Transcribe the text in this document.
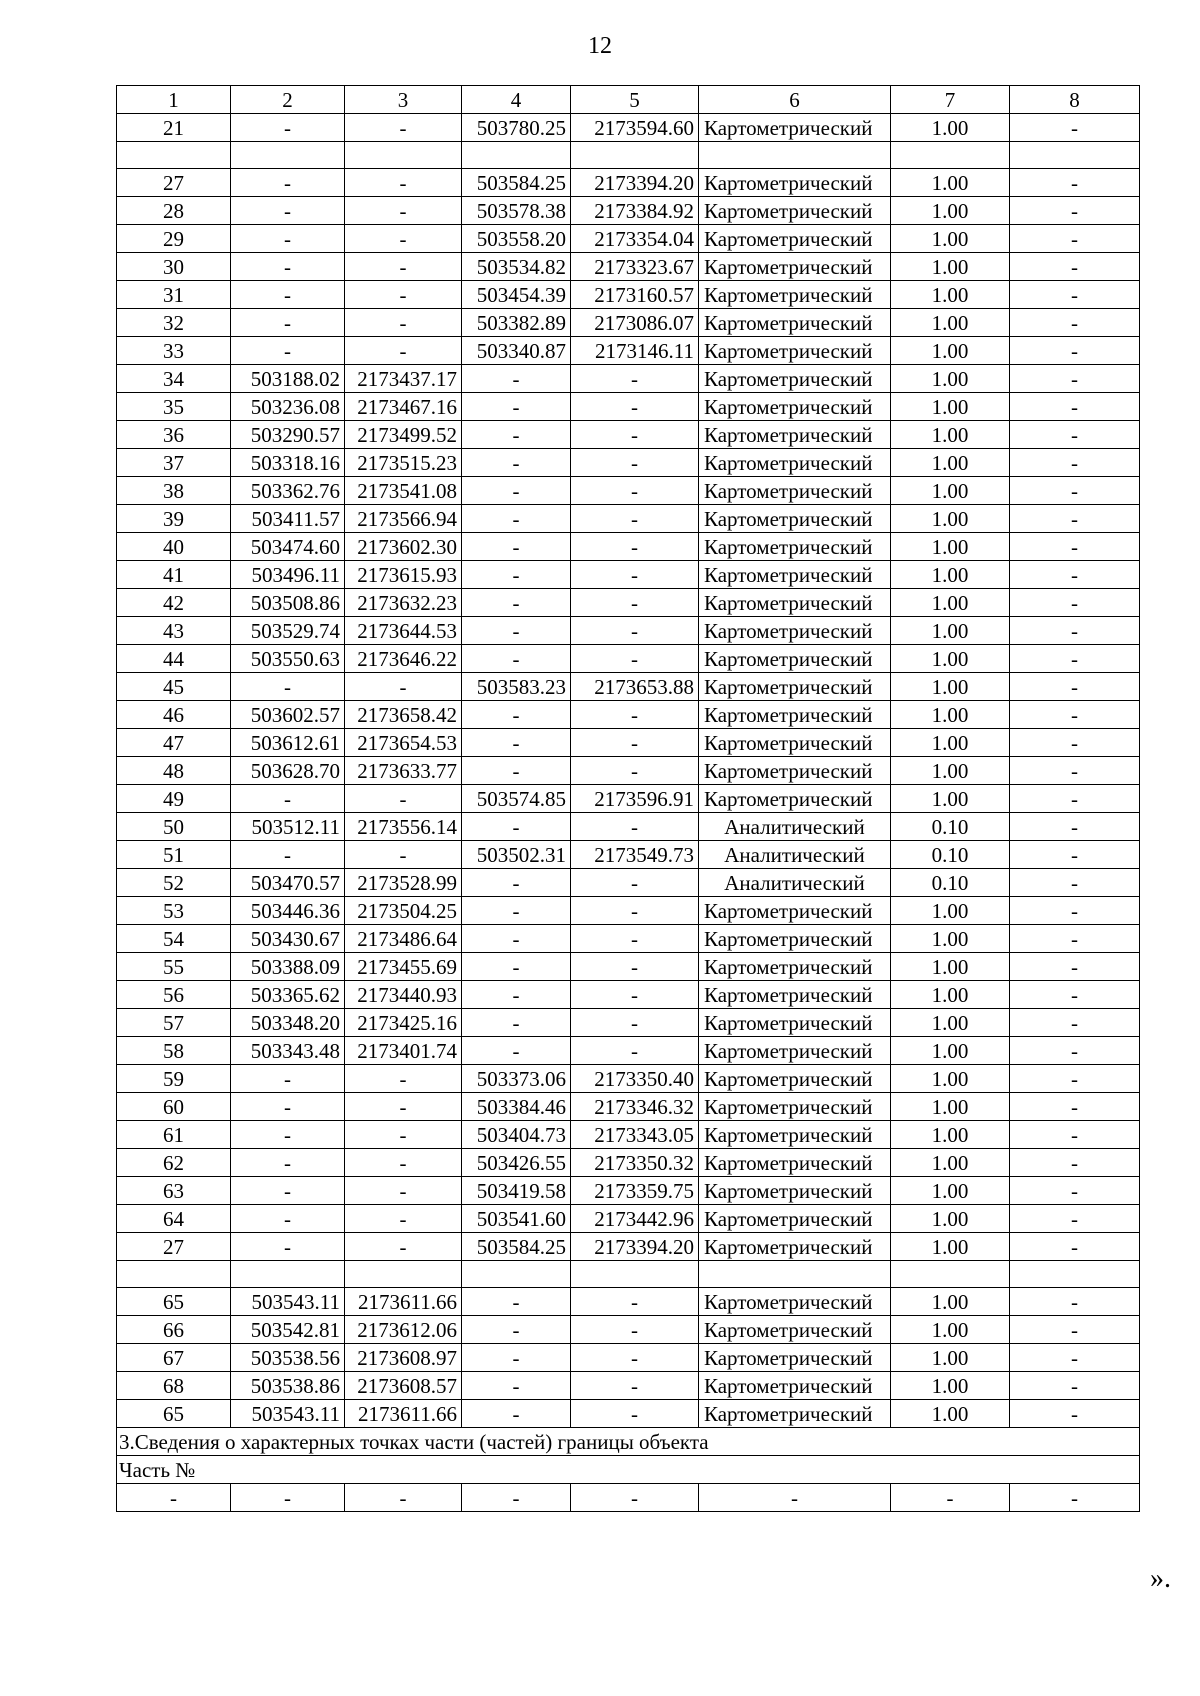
12
1	2	3	4	5	6	7	8
21	-	-	503780.25	2173594.60	Картометрический	1.00	-

27	-	-	503584.25	2173394.20	Картометрический	1.00	-
28	-	-	503578.38	2173384.92	Картометрический	1.00	-
29	-	-	503558.20	2173354.04	Картометрический	1.00	-
30	-	-	503534.82	2173323.67	Картометрический	1.00	-
31	-	-	503454.39	2173160.57	Картометрический	1.00	-
32	-	-	503382.89	2173086.07	Картометрический	1.00	-
33	-	-	503340.87	2173146.11	Картометрический	1.00	-
34	503188.02	2173437.17	-	-	Картометрический	1.00	-
35	503236.08	2173467.16	-	-	Картометрический	1.00	-
36	503290.57	2173499.52	-	-	Картометрический	1.00	-
37	503318.16	2173515.23	-	-	Картометрический	1.00	-
38	503362.76	2173541.08	-	-	Картометрический	1.00	-
39	503411.57	2173566.94	-	-	Картометрический	1.00	-
40	503474.60	2173602.30	-	-	Картометрический	1.00	-
41	503496.11	2173615.93	-	-	Картометрический	1.00	-
42	503508.86	2173632.23	-	-	Картометрический	1.00	-
43	503529.74	2173644.53	-	-	Картометрический	1.00	-
44	503550.63	2173646.22	-	-	Картометрический	1.00	-
45	-	-	503583.23	2173653.88	Картометрический	1.00	-
46	503602.57	2173658.42	-	-	Картометрический	1.00	-
47	503612.61	2173654.53	-	-	Картометрический	1.00	-
48	503628.70	2173633.77	-	-	Картометрический	1.00	-
49	-	-	503574.85	2173596.91	Картометрический	1.00	-
50	503512.11	2173556.14	-	-	Аналитический	0.10	-
51	-	-	503502.31	2173549.73	Аналитический	0.10	-
52	503470.57	2173528.99	-	-	Аналитический	0.10	-
53	503446.36	2173504.25	-	-	Картометрический	1.00	-
54	503430.67	2173486.64	-	-	Картометрический	1.00	-
55	503388.09	2173455.69	-	-	Картометрический	1.00	-
56	503365.62	2173440.93	-	-	Картометрический	1.00	-
57	503348.20	2173425.16	-	-	Картометрический	1.00	-
58	503343.48	2173401.74	-	-	Картометрический	1.00	-
59	-	-	503373.06	2173350.40	Картометрический	1.00	-
60	-	-	503384.46	2173346.32	Картометрический	1.00	-
61	-	-	503404.73	2173343.05	Картометрический	1.00	-
62	-	-	503426.55	2173350.32	Картометрический	1.00	-
63	-	-	503419.58	2173359.75	Картометрический	1.00	-
64	-	-	503541.60	2173442.96	Картометрический	1.00	-
27	-	-	503584.25	2173394.20	Картометрический	1.00	-

65	503543.11	2173611.66	-	-	Картометрический	1.00	-
66	503542.81	2173612.06	-	-	Картометрический	1.00	-
67	503538.56	2173608.97	-	-	Картометрический	1.00	-
68	503538.86	2173608.57	-	-	Картометрический	1.00	-
65	503543.11	2173611.66	-	-	Картометрический	1.00	-
3.Сведения о характерных точках части (частей) границы объекта							
Часть №							
-	-	-	-	-	-	-	-
».
